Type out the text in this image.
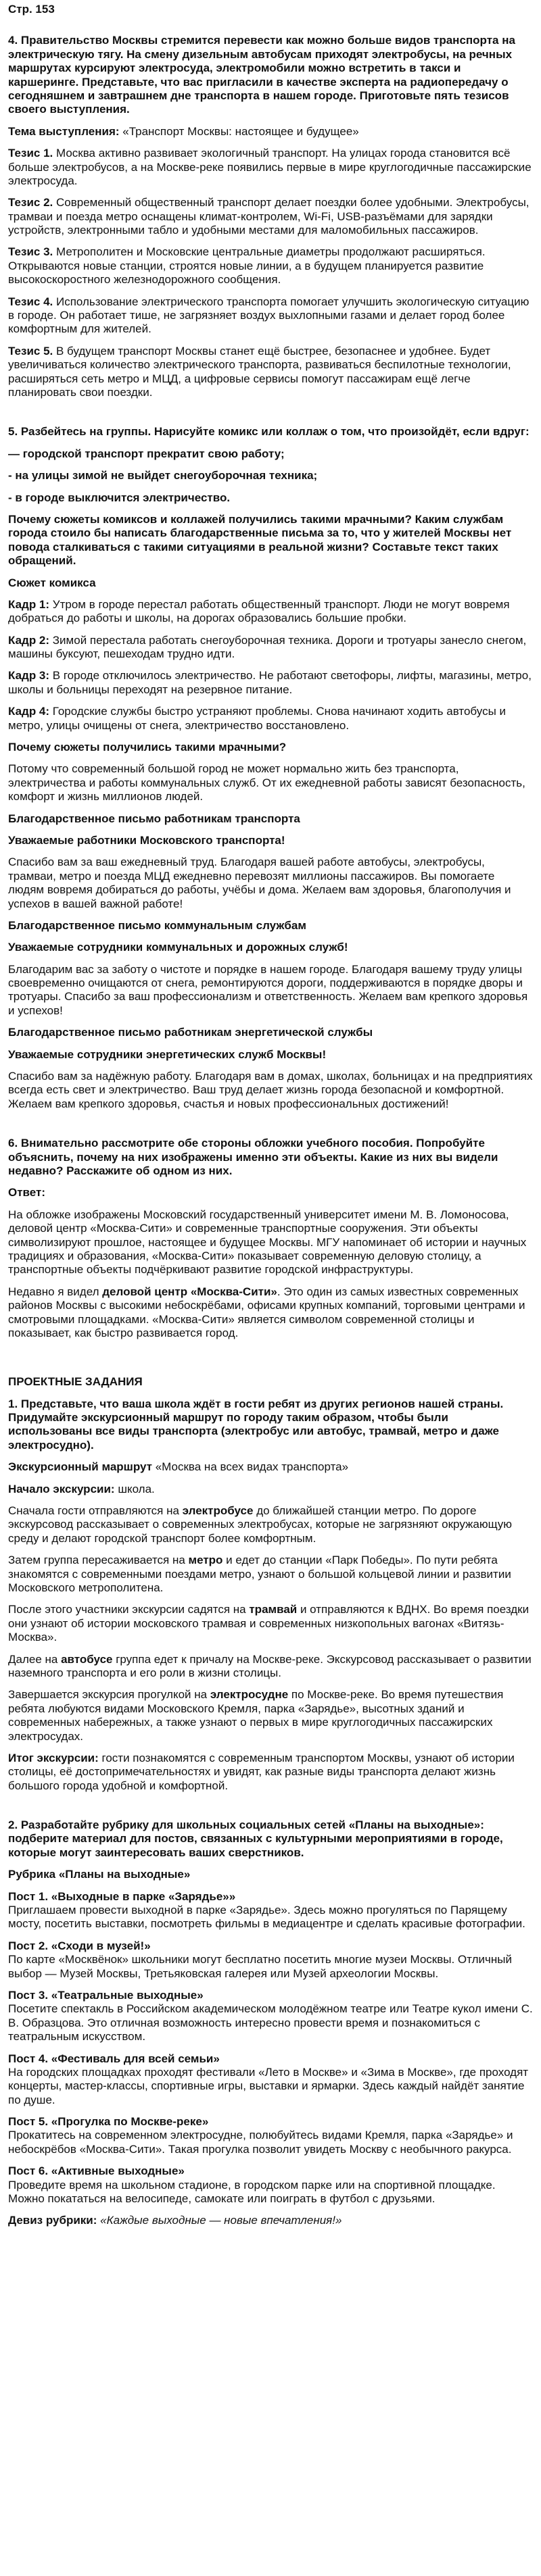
Стр. 153

4. Правительство Москвы стремится перевести как можно больше видов транспорта на электрическую тягу. На смену дизельным автобусам приходят электробусы, на речных маршрутах курсируют электросуда, электромобили можно встретить в такси и каршеринге. Представьте, что вас пригласили в качестве эксперта на радиопередачу о сегодняшнем и завтрашнем дне транспорта в нашем городе. Приготовьте пять тезисов своего выступления.

Тема выступления: «Транспорт Москвы: настоящее и будущее»

Тезис 1. Москва активно развивает экологичный транспорт. На улицах города становится всё больше электробусов, а на Москве-реке появились первые в мире круглогодичные пассажирские электросуда.

Тезис 2. Современный общественный транспорт делает поездки более удобными. Электробусы, трамваи и поезда метро оснащены климат-контролем, Wi-Fi, USB-разъёмами для зарядки устройств, электронными табло и удобными местами для маломобильных пассажиров.

Тезис 3. Метрополитен и Московские центральные диаметры продолжают расширяться. Открываются новые станции, строятся новые линии, а в будущем планируется развитие высокоскоростного железнодорожного сообщения.

Тезис 4. Использование электрического транспорта помогает улучшить экологическую ситуацию в городе. Он работает тише, не загрязняет воздух выхлопными газами и делает город более комфортным для жителей.

Тезис 5. В будущем транспорт Москвы станет ещё быстрее, безопаснее и удобнее. Будет увеличиваться количество электрического транспорта, развиваться беспилотные технологии, расширяться сеть метро и МЦД, а цифровые сервисы помогут пассажирам ещё легче планировать свои поездки.

5. Разбейтесь на группы. Нарисуйте комикс или коллаж о том, что произойдёт, если вдруг:

— городской транспорт прекратит свою работу;

- на улицы зимой не выйдет снегоуборочная техника;

- в городе выключится электричество.

Почему сюжеты комиксов и коллажей получились такими мрачными? Каким службам города стоило бы написать благодарственные письма за то, что у жителей Москвы нет повода сталкиваться с такими ситуациями в реальной жизни? Составьте текст таких обращений.

Сюжет комикса

Кадр 1: Утром в городе перестал работать общественный транспорт. Люди не могут вовремя добраться до работы и школы, на дорогах образовались большие пробки.

Кадр 2: Зимой перестала работать снегоуборочная техника. Дороги и тротуары занесло снегом, машины буксуют, пешеходам трудно идти.

Кадр 3: В городе отключилось электричество. Не работают светофоры, лифты, магазины, метро, школы и больницы переходят на резервное питание.

Кадр 4: Городские службы быстро устраняют проблемы. Снова начинают ходить автобусы и метро, улицы очищены от снега, электричество восстановлено.

Почему сюжеты получились такими мрачными?

Потому что современный большой город не может нормально жить без транспорта, электричества и работы коммунальных служб. От их ежедневной работы зависят безопасность, комфорт и жизнь миллионов людей.

Благодарственное письмо работникам транспорта

Уважаемые работники Московского транспорта!

Спасибо вам за ваш ежедневный труд. Благодаря вашей работе автобусы, электробусы, трамваи, метро и поезда МЦД ежедневно перевозят миллионы пассажиров. Вы помогаете людям вовремя добираться до работы, учёбы и дома. Желаем вам здоровья, благополучия и успехов в вашей важной работе!

Благодарственное письмо коммунальным службам

Уважаемые сотрудники коммунальных и дорожных служб!

Благодарим вас за заботу о чистоте и порядке в нашем городе. Благодаря вашему труду улицы своевременно очищаются от снега, ремонтируются дороги, поддерживаются в порядке дворы и тротуары. Спасибо за ваш профессионализм и ответственность. Желаем вам крепкого здоровья и успехов!

Благодарственное письмо работникам энергетической службы

Уважаемые сотрудники энергетических служб Москвы!

Спасибо вам за надёжную работу. Благодаря вам в домах, школах, больницах и на предприятиях всегда есть свет и электричество. Ваш труд делает жизнь города безопасной и комфортной. Желаем вам крепкого здоровья, счастья и новых профессиональных достижений!

6. Внимательно рассмотрите обе стороны обложки учебного пособия. Попробуйте объяснить, почему на них изображены именно эти объекты. Какие из них вы видели недавно? Расскажите об одном из них.

Ответ:

На обложке изображены Московский государственный университет имени М. В. Ломоносова, деловой центр «Москва-Сити» и современные транспортные сооружения. Эти объекты символизируют прошлое, настоящее и будущее Москвы. МГУ напоминает об истории и научных традициях и образования, «Москва-Сити» показывает современную деловую столицу, а транспортные объекты подчёркивают развитие городской инфраструктуры.

Недавно я видел деловой центр «Москва-Сити». Это один из самых известных современных районов Москвы с высокими небоскрёбами, офисами крупных компаний, торговыми центрами и смотровыми площадками. «Москва-Сити» является символом современной столицы и показывает, как быстро развивается город.

ПРОЕКТНЫЕ ЗАДАНИЯ

1. Представьте, что ваша школа ждёт в гости ребят из других регионов нашей страны. Придумайте экскурсионный маршрут по городу таким образом, чтобы были использованы все виды транспорта (электробус или автобус, трамвай, метро и даже электросудно).

Экскурсионный маршрут «Москва на всех видах транспорта»

Начало экскурсии: школа.

Сначала гости отправляются на электробусе до ближайшей станции метро. По дороге экскурсовод рассказывает о современных электробусах, которые не загрязняют окружающую среду и делают городской транспорт более комфортным.

Затем группа пересаживается на метро и едет до станции «Парк Победы». По пути ребята знакомятся с современными поездами метро, узнают о большой кольцевой линии и развитии Московского метрополитена.

После этого участники экскурсии садятся на трамвай и отправляются к ВДНХ. Во время поездки они узнают об истории московского трамвая и современных низкопольных вагонах «Витязь-Москва».

Далее на автобусе группа едет к причалу на Москве-реке. Экскурсовод рассказывает о развитии наземного транспорта и его роли в жизни столицы.

Завершается экскурсия прогулкой на электросудне по Москве-реке. Во время путешествия ребята любуются видами Московского Кремля, парка «Зарядье», высотных зданий и современных набережных, а также узнают о первых в мире круглогодичных пассажирских электросудах.

Итог экскурсии: гости познакомятся с современным транспортом Москвы, узнают об истории столицы, её достопримечательностях и увидят, как разные виды транспорта делают жизнь большого города удобной и комфортной.

2. Разработайте рубрику для школьных социальных сетей «Планы на выходные»: подберите материал для постов, связанных с культурными мероприятиями в городе, которые могут заинтересовать ваших сверстников.

Рубрика «Планы на выходные»

Пост 1. «Выходные в парке «Зарядье»»
Приглашаем провести выходной в парке «Зарядье». Здесь можно прогуляться по Парящему мосту, посетить выставки, посмотреть фильмы в медиацентре и сделать красивые фотографии.

Пост 2. «Сходи в музей!»
По карте «Москвёнок» школьники могут бесплатно посетить многие музеи Москвы. Отличный выбор — Музей Москвы, Третьяковская галерея или Музей археологии Москвы.

Пост 3. «Театральные выходные»
Посетите спектакль в Российском академическом молодёжном театре или Театре кукол имени С. В. Образцова. Это отличная возможность интересно провести время и познакомиться с театральным искусством.

Пост 4. «Фестиваль для всей семьи»
На городских площадках проходят фестивали «Лето в Москве» и «Зима в Москве», где проходят концерты, мастер-классы, спортивные игры, выставки и ярмарки. Здесь каждый найдёт занятие по душе.

Пост 5. «Прогулка по Москве-реке»
Прокатитесь на современном электросудне, полюбуйтесь видами Кремля, парка «Зарядье» и небоскрёбов «Москва-Сити». Такая прогулка позволит увидеть Москву с необычного ракурса.

Пост 6. «Активные выходные»
Проведите время на школьном стадионе, в городском парке или на спортивной площадке. Можно покататься на велосипеде, самокате или поиграть в футбол с друзьями.

Девиз рубрики: «Каждые выходные — новые впечатления!»
